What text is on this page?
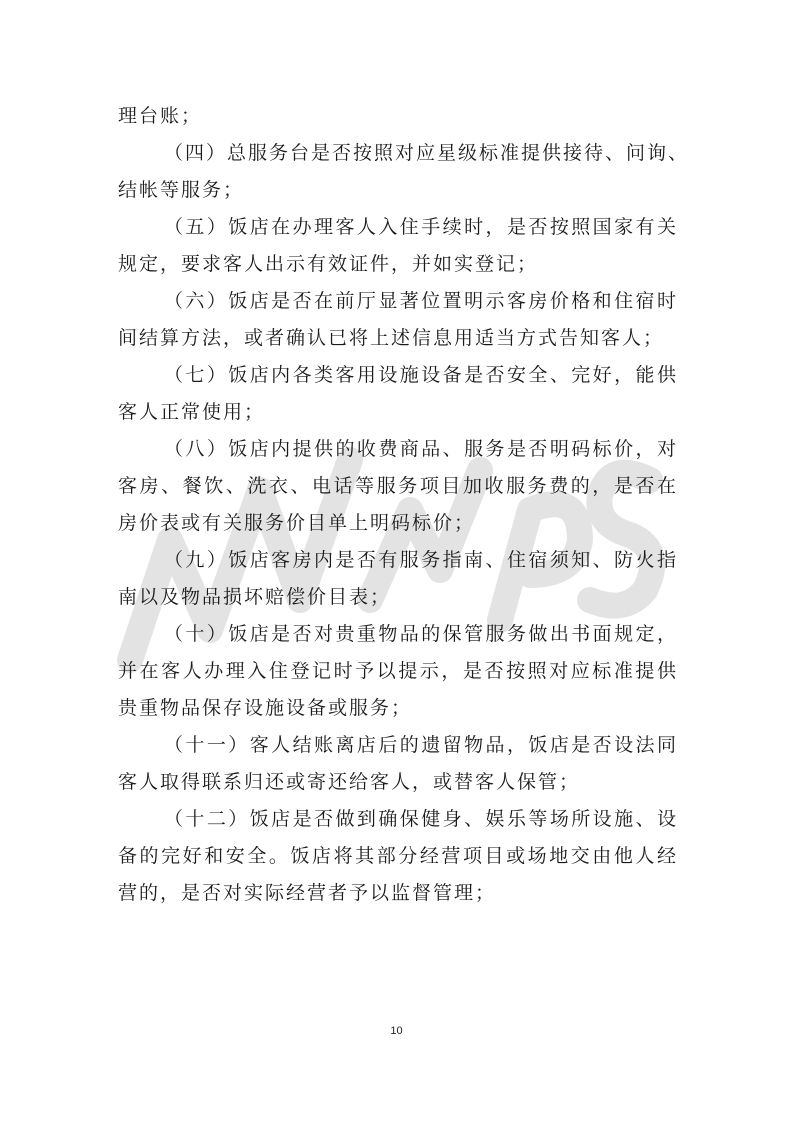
理台账；
（四）总服务台是否按照对应星级标准提供接待、问询、
结帐等服务；
（五）饭店在办理客人入住手续时，是否按照国家有关
规定，要求客人出示有效证件，并如实登记；
（六）饭店是否在前厅显著位置明示客房价格和住宿时
间结算方法，或者确认已将上述信息用适当方式告知客人；
（七）饭店内各类客用设施设备是否安全、完好，能供
客人正常使用；
（八）饭店内提供的收费商品、服务是否明码标价，对
客房、餐饮、洗衣、电话等服务项目加收服务费的，是否在
房价表或有关服务价目单上明码标价；
（九）饭店客房内是否有服务指南、住宿须知、防火指
南以及物品损坏赔偿价目表；
（十）饭店是否对贵重物品的保管服务做出书面规定，
并在客人办理入住登记时予以提示，是否按照对应标准提供
贵重物品保存设施设备或服务；
（十一）客人结账离店后的遗留物品，饭店是否设法同
客人取得联系归还或寄还给客人，或替客人保管；
（十二）饭店是否做到确保健身、娱乐等场所设施、设
备的完好和安全。饭店将其部分经营项目或场地交由他人经
营的，是否对实际经营者予以监督管理；
10
